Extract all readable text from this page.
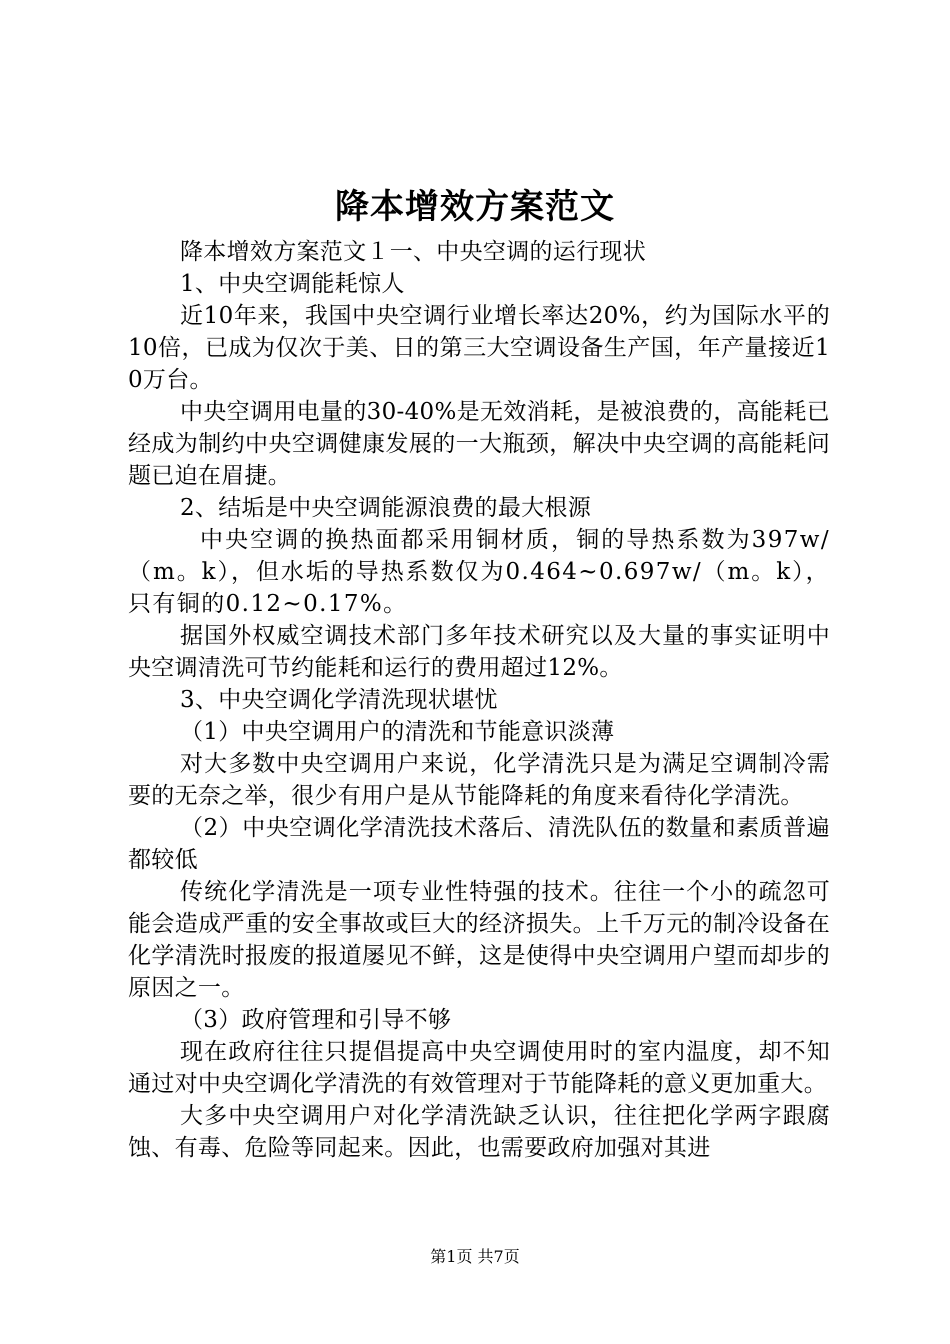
降本增效方案范文

降本增效方案范文１一、中央空调的运行现状

1、中央空调能耗惊人

近10年来，我国中央空调行业增长率达20%，约为国际水平的10倍，已成为仅次于美、日的第三大空调设备生产国，年产量接近10万台。

中央空调用电量的30-40%是无效消耗，是被浪费的，高能耗已经成为制约中央空调健康发展的一大瓶颈，解决中央空调的高能耗问题已迫在眉捷。

2、结垢是中央空调能源浪费的最大根源

中央空调的换热面都采用铜材质，铜的导热系数为397w/（m。k），但水垢的导热系数仅为0.464~0.697w/（m。k），只有铜的0.12~0.17%。

据国外权威空调技术部门多年技术研究以及大量的事实证明中央空调清洗可节约能耗和运行的费用超过12%。

3、中央空调化学清洗现状堪忧

（1）中央空调用户的清洗和节能意识淡薄

对大多数中央空调用户来说，化学清洗只是为满足空调制冷需要的无奈之举，很少有用户是从节能降耗的角度来看待化学清洗。

（2）中央空调化学清洗技术落后、清洗队伍的数量和素质普遍都较低

传统化学清洗是一项专业性特强的技术。往往一个小的疏忽可能会造成严重的安全事故或巨大的经济损失。上千万元的制冷设备在化学清洗时报废的报道屡见不鲜，这是使得中央空调用户望而却步的原因之一。

（3）政府管理和引导不够

现在政府往往只提倡提高中央空调使用时的室内温度，却不知通过对中央空调化学清洗的有效管理对于节能降耗的意义更加重大。

大多中央空调用户对化学清洗缺乏认识，往往把化学两字跟腐蚀、有毒、危险等同起来。因此，也需要政府加强对其进

第1页 共7页
